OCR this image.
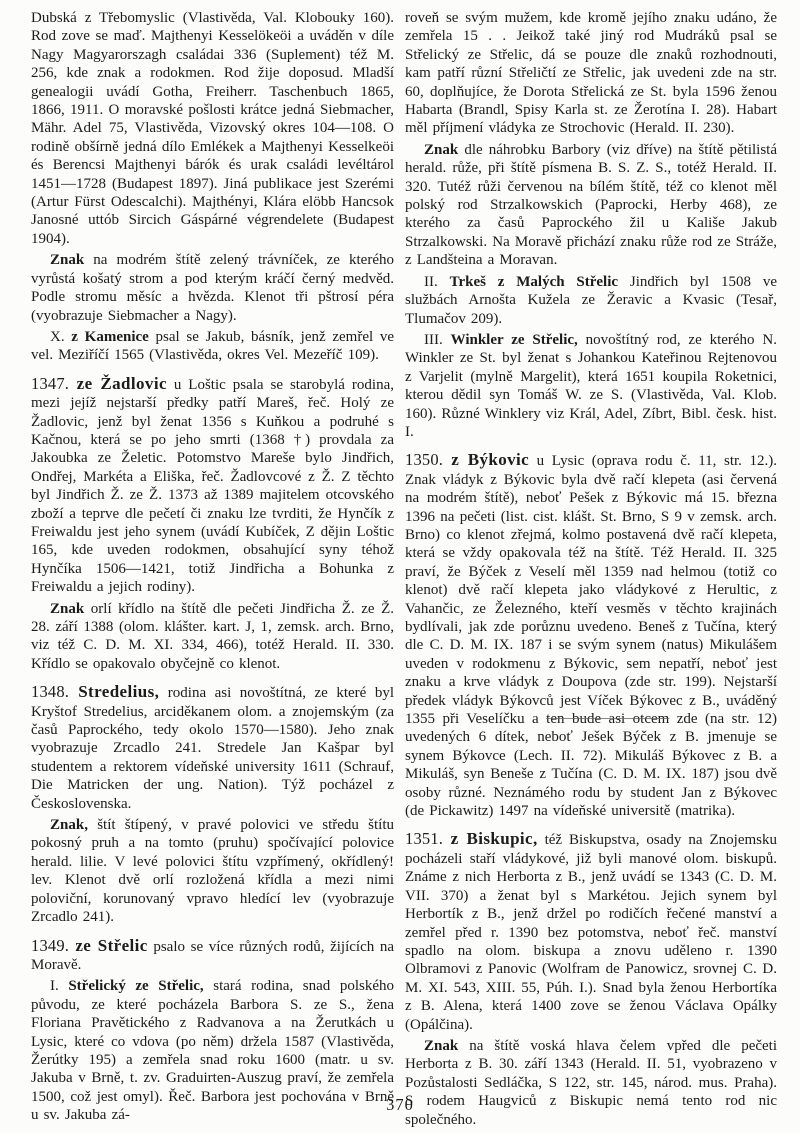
Dubská z Třebomyslic (Vlastivěda, Val. Klobouky 160). Rod zove se maď. Majthenyi Kesselökeöi a uváděn v díle Nagy Magyarorszagh családai 336 (Suplement) též M. 256, kde znak a rodokmen. Rod žije doposud. Mladší genealogii uvádí Gotha, Freiherr. Taschenbuch 1865, 1866, 1911. O moravské pošlosti krátce jedná Siebmacher, Mähr. Adel 75, Vlastivěda, Vizovský okres 104—108. O rodině obšírně jedná dílo Emlékek a Majthenyi Kesselkeöi és Berencsi Majthenyi bárók és urak családi levéltárol 1451—1728 (Budapest 1897). Jiná publikace jest Szerémi (Artur Fürst Odescalchi). Majthényi, Klára elöbb Hancsok Janosné uttób Sircich Gáspárné végrendelete (Budapest 1904).

Znak na modrém štítě zelený trávníček, ze kterého vyrůstá košatý strom a pod kterým kráčí černý medvěd. Podle stromu měsíc a hvězda. Klenot tři pštrosí péra (vyobrazuje Siebmacher a Nagy).

X. z Kamenice psal se Jakub, básník, jenž zemřel ve vel. Meziříčí 1565 (Vlastivěda, okres Vel. Mezeříč 109).

1347. ze Žadlovic u Loštic psala se starobylá rodina, mezi jejíž nejstarší předky patří Mareš, řeč. Holý ze Žadlovic, jenž byl ženat 1356 s Kuňkou a podruhé s Kačnou, která se po jeho smrti (1368 †) provdala za Jakoubka ze Želetic. Potomstvo Mareše bylo Jindřich, Ondřej, Markéta a Eliška, řeč. Žadlovcové z Ž. Z těchto byl Jindřich Ž. ze Ž. 1373 až 1389 majitelem otcovského zboží a teprve dle pečetí či znaku lze tvrditi, že Hynčík z Freiwaldu jest jeho synem (uvádí Kubíček, Z dějin Loštic 165, kde uveden rodokmen, obsahující syny téhož Hynčíka 1506—1421, totiž Jindřicha a Bohunka z Freiwaldu a jejich rodiny).

Znak orlí křídlo na štítě dle pečeti Jindřicha Ž. ze Ž. 28. září 1388 (olom. klášter. kart. J, 1, zemsk. arch. Brno, viz též C. D. M. XI. 334, 466), totéž Herald. II. 330. Křídlo se opakovalo obyčejně co klenot.

1348. Stredelius, rodina asi novoštítná, ze které byl Kryštof Stredelius, arciděkanem olom. a znojemským (za časů Paprockého, tedy okolo 1570—1580). Jeho znak vyobrazuje Zrcadlo 241. Stredele Jan Kašpar byl studentem a rektorem vídeňské university 1611 (Schrauf, Die Matricken der ung. Nation). Týž pocházel z Československa.

Znak, štít štípený, v pravé polovici ve středu štítu pokosný pruh a na tomto (pruhu) spočívající polovice herald. lilie. V levé polovici štítu vzpřímený, okřídlený! lev. Klenot dvě orlí rozložená křídla a mezi nimi poloviční, korunovaný vpravo hledící lev (vyobrazuje Zrcadlo 241).

1349. ze Střelic psalo se více různých rodů, žijících na Moravě.

I. Střelický ze Střelic, stará rodina, snad polského původu, ze které pocházela Barbora S. ze S., žena Floriana Pravětického z Radvanova a na Žerutkách u Lysic, které co vdova (po něm) držela 1587 (Vlastivěda, Žerútky 195) a zemřela snad roku 1600 (matr. u sv. Jakuba v Brně, t. zv. Graduirten-Auszug praví, že zemřela 1500, což jest omyl). Řeč. Barbora jest pochována v Brně u sv. Jakuba zá-

roveň se svým mužem, kde kromě jejího znaku udáno, že zemřela 15 . . Jeikož také jiný rod Mudráků psal se Střelický ze Střelic, dá se pouze dle znaků rozhodnouti, kam patří různí Střeličtí ze Střelic, jak uvedeni zde na str. 60, doplňujíce, že Dorota Střelická ze St. byla 1596 ženou Habarta (Brandl, Spisy Karla st. ze Žerotína I. 28). Habart měl příjmení vládyka ze Strochovic (Herald. II. 230).

Znak dle náhrobku Barbory (viz dříve) na štítě pětilistá herald. růže, při štítě písmena B. S. Z. S., totéž Herald. II. 320. Tutéž růži červenou na bílém štítě, též co klenot měl polský rod Strzalkowskich (Paprocki, Herby 468), ze kterého za časů Paprockého žil u Kališe Jakub Strzalkowski. Na Moravě přichází znaku růže rod ze Stráže, z Landšteina a Moravan.

II. Trkeš z Malých Střelic Jindřich byl 1508 ve službách Arnošta Kužela ze Žeravic a Kvasic (Tesař, Tlumačov 209).

III. Winkler ze Střelic, novoštítný rod, ze kterého N. Winkler ze St. byl ženat s Johankou Kateřinou Rejtenovou z Varjelit (mylně Margelit), která 1651 koupila Roketnici, kterou dědil syn Tomáš W. ze S. (Vlastivěda, Val. Klob. 160). Různé Winklery viz Král, Adel, Zíbrt, Bibl. česk. hist. I.

1350. z Býkovic u Lysic (oprava rodu č. 11, str. 12.). Znak vládyk z Býkovic byla dvě račí klepeta (asi červená na modrém štítě), neboť Pešek z Býkovic má 15. března 1396 na pečeti (list. cist. klášt. St. Brno, S 9 v zemsk. arch. Brno) co klenot zřejmá, kolmo postavená dvě račí klepeta, která se vždy opakovala též na štítě. Též Herald. II. 325 praví, že Býček z Veselí měl 1359 nad helmou (totiž co klenot) dvě račí klepeta jako vládykové z Herultic, z Vahančic, ze Železného, kteří vesměs v těchto krajinách bydlívali, jak zde porůznu uvedeno. Beneš z Tučína, který dle C. D. M. IX. 187 i se svým synem (natus) Mikulášem uveden v rodokmenu z Býkovic, sem nepatří, neboť jest znaku a krve vládyk z Doupova (zde str. 199). Nejstarší předek vládyk Býkovců jest Víček Býkovec z B., uváděný 1355 při Veselíčku a ten bude asi otcem zde (na str. 12) uvedených 6 dítek, neboť Ješek Býček z B. jmenuje se synem Býkovce (Lech. II. 72). Mikuláš Býkovec z B. a Mikuláš, syn Beneše z Tučína (C. D. M. IX. 187) jsou dvě osoby různé. Neznámého rodu by student Jan z Býkovec (de Pickawitz) 1497 na vídeňské universitě (matrika).

1351. z Biskupic, též Biskupstva, osady na Znojemsku pocházeli staří vládykové, již byli manové olom. biskupů. Známe z nich Herborta z B., jenž uvádí se 1343 (C. D. M. VII. 370) a ženat byl s Markétou. Jejich synem byl Herbortík z B., jenž držel po rodičích řečené manství a zemřel před r. 1390 bez potomstva, neboť řeč. manství spadlo na olom. biskupa a znovu uděleno r. 1390 Olbramovi z Panovic (Wolfram de Panowicz, srovnej C. D. M. XI. 543, XIII. 55, Púh. I.). Snad byla ženou Herbortíka z B. Alena, která 1400 zove se ženou Václava Opálky (Opálčina).

Znak na štítě voská hlava čelem vpřed dle pečeti Herborta z B. 30. září 1343 (Herald. II. 51, vyobrazeno v Pozůstalosti Sedláčka, S 122, str. 145, národ. mus. Praha). S rodem Haugviců z Biskupic nemá tento rod nic společného.

370
